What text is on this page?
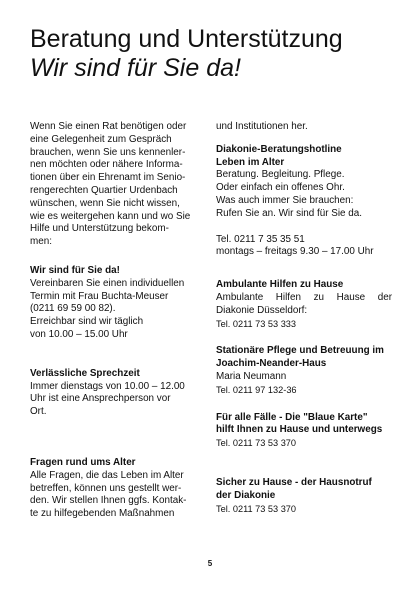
Beratung und Unterstützung
Wir sind für Sie da!

Wenn Sie einen Rat benötigen oder

eine Gelegenheit zum Gespräch

brauchen, wenn Sie uns kennenler-

nen möchten oder nähere Informa-

tionen über ein Ehrenamt im Senio-

rengerechten Quartier Urdenbach

wünschen, wenn Sie nicht wissen,

wie es weitergehen kann und wo Sie

Hilfe und Unterstützung bekom-

men:

Wir sind für Sie da!

Vereinbaren Sie einen individuellen

Termin mit Frau Buchta-Meuser

(0211 69 59 00 82).

Erreichbar sind wir täglich

von 10.00 – 15.00 Uhr

Verlässliche Sprechzeit

Immer dienstags von 10.00 – 12.00

Uhr ist eine Ansprechperson vor

Ort.

Fragen rund ums Alter

Alle Fragen, die das Leben im Alter

betreffen, können uns gestellt wer-

den. Wir stellen Ihnen ggfs. Kontak-

te zu hilfegebenden Maßnahmen

und Institutionen her.

Diakonie-Beratungshotline

Leben im Alter

Beratung. Begleitung. Pflege.

Oder einfach ein offenes Ohr.

Was auch immer Sie brauchen:

Rufen Sie an. Wir sind für Sie da.

Tel. 0211 7 35 35 51

montags – freitags 9.30 – 17.00 Uhr

Ambulante Hilfen zu Hause

Ambulante Hilfen zu Hause der

Diakonie Düsseldorf:

Tel. 0211 73 53 333

Stationäre Pflege und Betreuung im

Joachim-Neander-Haus

Maria Neumann

Tel. 0211 97 132-36

Für alle Fälle - Die "Blaue Karte"

hilft Ihnen zu Hause und unterwegs

Tel. 0211 73 53 370

Sicher zu Hause - der Hausnotruf

der Diakonie

Tel. 0211 73 53 370

5
